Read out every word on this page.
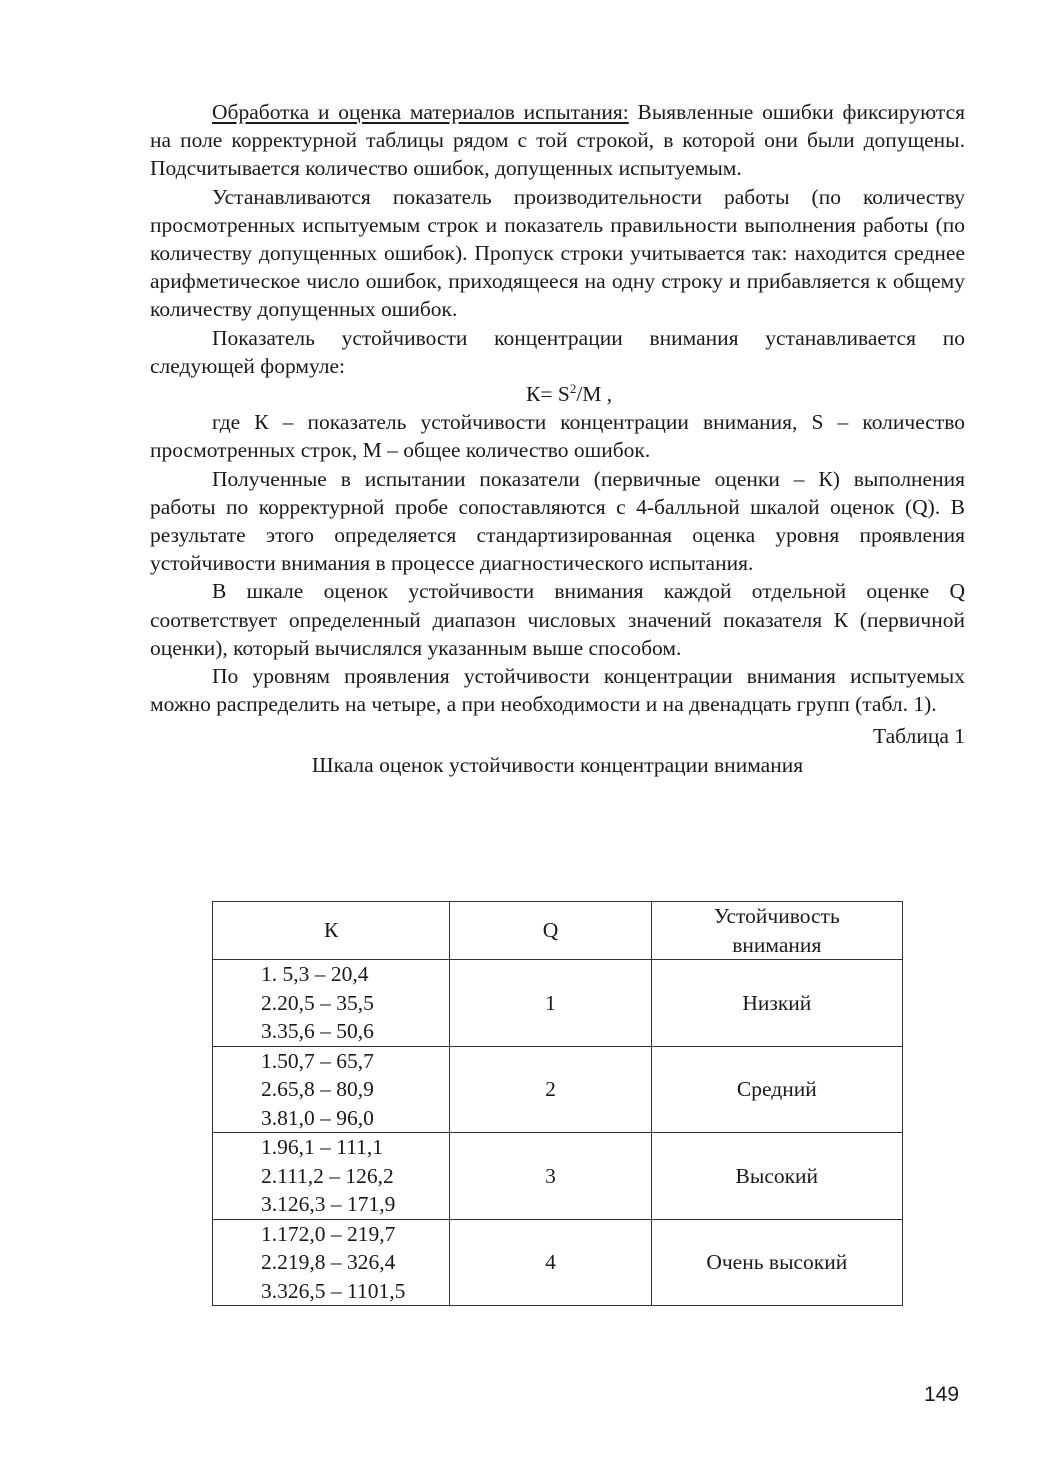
Обработка и оценка материалов испытания: Выявленные ошибки фиксируются на поле корректурной таблицы рядом с той строкой, в которой они были допущены. Подсчитывается количество ошибок, допущенных испытуемым.

Устанавливаются показатель производительности работы (по количеству просмотренных испытуемым строк и показатель правильности выполнения работы (по количеству допущенных ошибок). Пропуск строки учитывается так: находится среднее арифметическое число ошибок, приходящееся на одну строку и прибавляется к общему количеству допущенных ошибок.

Показатель устойчивости концентрации внимания устанавливается по следующей формуле:

$К= S^2/M$ ,

где К – показатель устойчивости концентрации внимания, S – количество просмотренных строк, М – общее количество ошибок.

Полученные в испытании показатели (первичные оценки – К) выполнения работы по корректурной пробе сопоставляются с 4-балльной шкалой оценок (Q). В результате этого определяется стандартизированная оценка уровня проявления устойчивости внимания в процессе диагностического испытания.

В шкале оценок устойчивости внимания каждой отдельной оценке Q соответствует определенный диапазон числовых значений показателя К (первичной оценки), который вычислялся указанным выше способом.

По уровням проявления устойчивости концентрации внимания испытуемых можно распределить на четыре, а при необходимости и на двенадцать групп (табл. 1).

Таблица 1

Шкала оценок устойчивости концентрации внимания

К	Q	Устойчивость
внимания

1. 5,3 – 20,4
2.20,5 – 35,5
3.35,6 – 50,6	1	Низкий

1.50,7 – 65,7
2.65,8 – 80,9
3.81,0 – 96,0	2	Средний

1.96,1 – 111,1
2.111,2 – 126,2
3.126,3 – 171,9	3	Высокий

1.172,0 – 219,7
2.219,8 – 326,4
3.326,5 – 1101,5	4	Очень высокий
149
